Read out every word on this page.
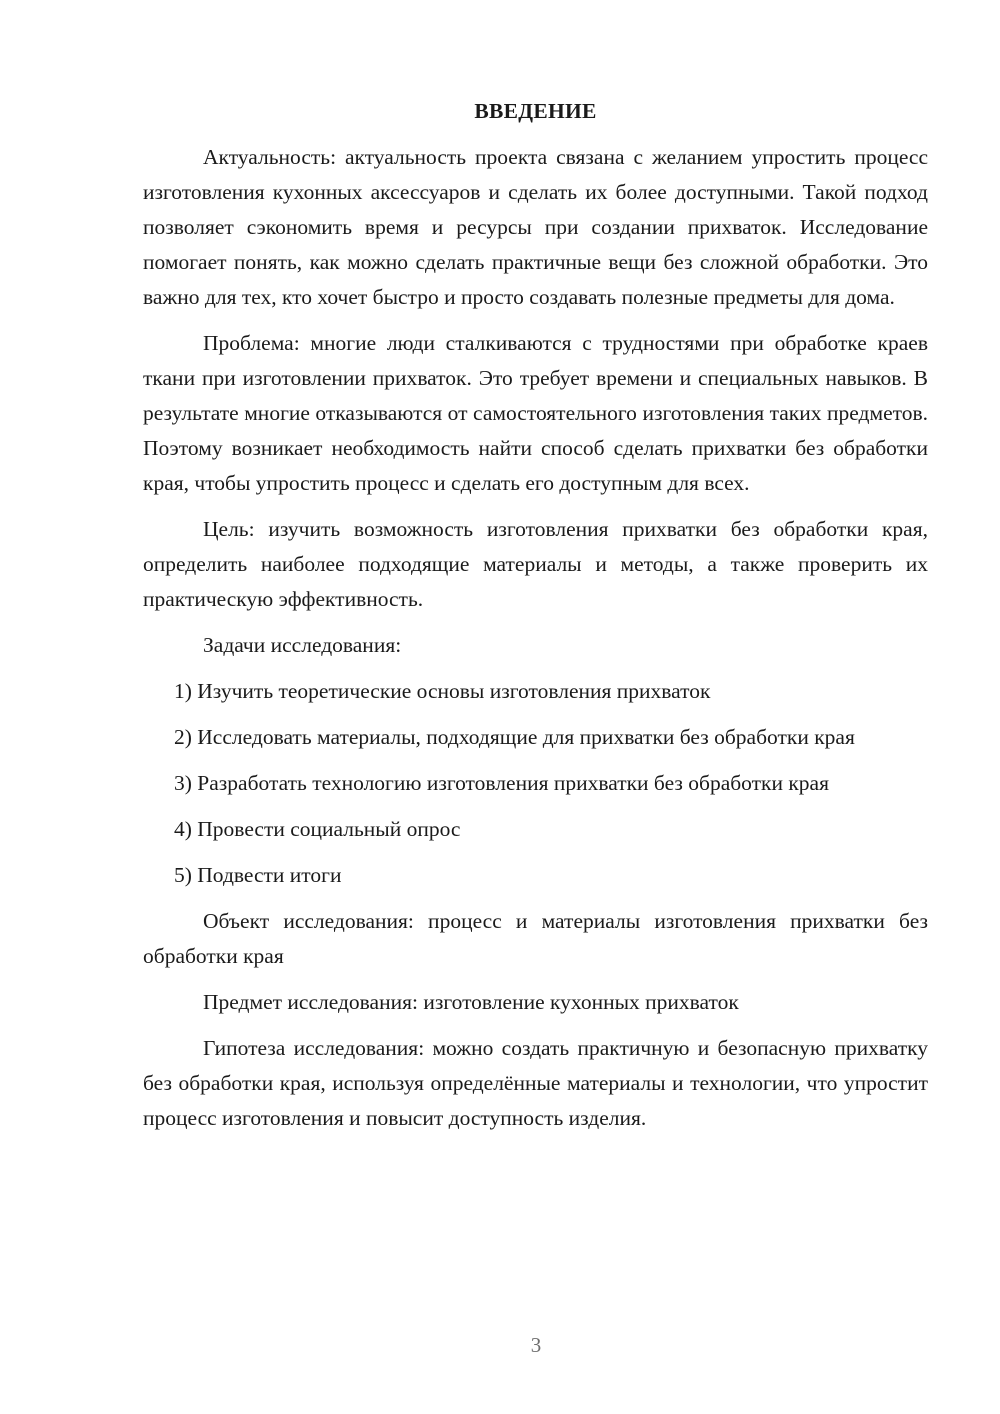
ВВЕДЕНИЕ

Актуальность: актуальность проекта связана с желанием упростить процесс изготовления кухонных аксессуаров и сделать их более доступными. Такой подход позволяет сэкономить время и ресурсы при создании прихваток. Исследование помогает понять, как можно сделать практичные вещи без сложной обработки. Это важно для тех, кто хочет быстро и просто создавать полезные предметы для дома.

Проблема: многие люди сталкиваются с трудностями при обработке краев ткани при изготовлении прихваток. Это требует времени и специальных навыков. В результате многие отказываются от самостоятельного изготовления таких предметов. Поэтому возникает необходимость найти способ сделать прихватки без обработки края, чтобы упростить процесс и сделать его доступным для всех.

Цель: изучить возможность изготовления прихватки без обработки края, определить наиболее подходящие материалы и методы, а также проверить их практическую эффективность.

Задачи исследования:

1) Изучить теоретические основы изготовления прихваток

2) Исследовать материалы, подходящие для прихватки без обработки края

3) Разработать технологию изготовления прихватки без обработки края

4) Провести социальный опрос

5) Подвести итоги

Объект исследования: процесс и материалы изготовления прихватки без обработки края

Предмет исследования: изготовление кухонных прихваток

Гипотеза исследования: можно создать практичную и безопасную прихватку без обработки края, используя определённые материалы и технологии, что упростит процесс изготовления и повысит доступность изделия.

3
